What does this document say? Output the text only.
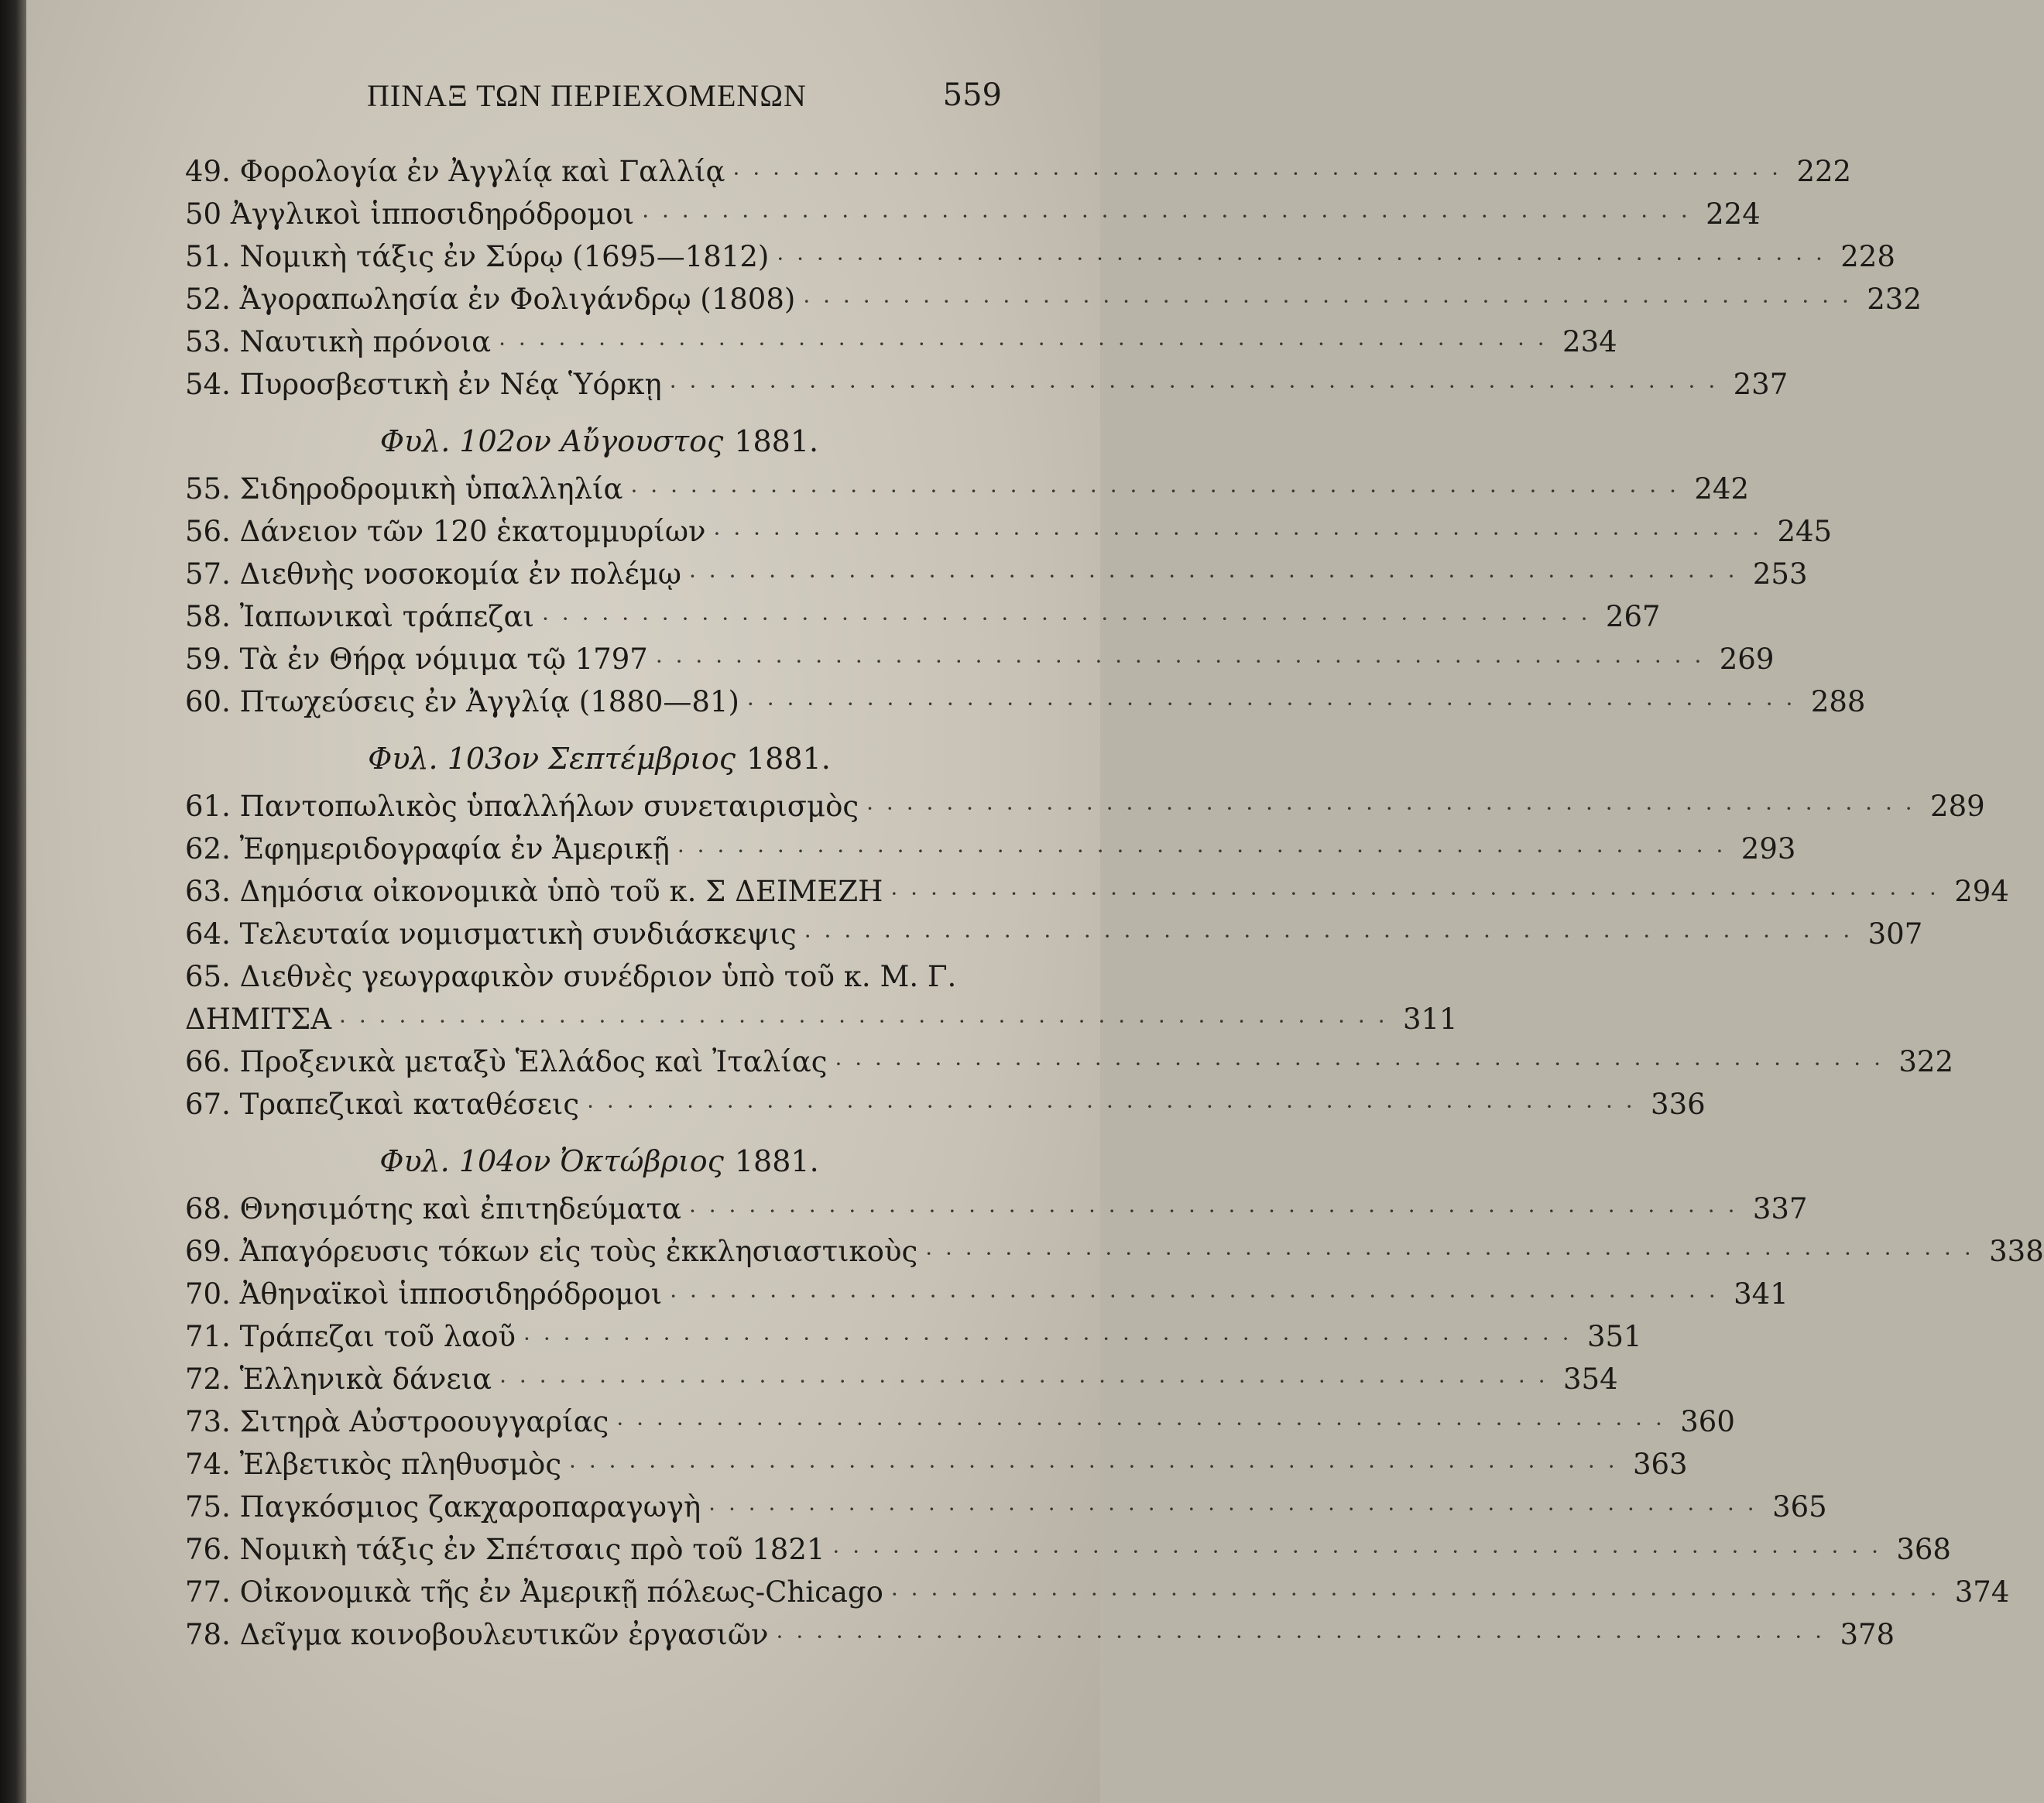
ΠΙΝΑΞ ΤΩΝ ΠΕΡΙΕΧΟΜΕΝΩΝ	559
49. Φορολογία ἐν Ἀγγλίᾳ καὶ Γαλλίᾳ · · · · · · · · · · · · · · · · · · · · · · · · · · · · · · · · · · · · · · · · · · · · · · · · · · · · · 222
50 Ἀγγλικοὶ ἱπποσιδηρόδρομοι · · · · · · · · · · · · · · · · · · · · · · · · · · · · · · · · · · · · · · · · · · · · · · · · · · · · · 224
51. Νομικὴ τάξις ἐν Σύρῳ (1695—1812) · · · · · · · · · · · · · · · · · · · · · · · · · · · · · · · · · · · · · · · · · · · · · · · · · · · · · 228
52. Ἀγοραπωλησία ἐν Φολιγάνδρῳ (1808) · · · · · · · · · · · · · · · · · · · · · · · · · · · · · · · · · · · · · · · · · · · · · · · · · · · · · 232
53. Ναυτικὴ πρόνοια · · · · · · · · · · · · · · · · · · · · · · · · · · · · · · · · · · · · · · · · · · · · · · · · · · · · · 234
54. Πυροσβεστικὴ ἐν Νέᾳ Ὑόρκῃ · · · · · · · · · · · · · · · · · · · · · · · · · · · · · · · · · · · · · · · · · · · · · · · · · · · · · 237
Φυλ. 102ον Αὔγουστος 1881.
55. Σιδηροδρομικὴ ὑπαλληλία · · · · · · · · · · · · · · · · · · · · · · · · · · · · · · · · · · · · · · · · · · · · · · · · · · · · · 242
56. Δάνειον τῶν 120 ἑκατομμυρίων · · · · · · · · · · · · · · · · · · · · · · · · · · · · · · · · · · · · · · · · · · · · · · · · · · · · · 245
57. Διεθνὴς νοσοκομία ἐν πολέμῳ · · · · · · · · · · · · · · · · · · · · · · · · · · · · · · · · · · · · · · · · · · · · · · · · · · · · · 253
58. Ἰαπωνικαὶ τράπεζαι · · · · · · · · · · · · · · · · · · · · · · · · · · · · · · · · · · · · · · · · · · · · · · · · · · · · · 267
59. Τὰ ἐν Θήρᾳ νόμιμα τῷ 1797 · · · · · · · · · · · · · · · · · · · · · · · · · · · · · · · · · · · · · · · · · · · · · · · · · · · · · 269
60. Πτωχεύσεις ἐν Ἀγγλίᾳ (1880—81) · · · · · · · · · · · · · · · · · · · · · · · · · · · · · · · · · · · · · · · · · · · · · · · · · · · · · 288
Φυλ. 103ον Σεπτέμβριος 1881.
61. Παντοπωλικὸς ὑπαλλήλων συνεταιρισμὸς · · · · · · · · · · · · · · · · · · · · · · · · · · · · · · · · · · · · · · · · · · · · · · · · · · · · · 289
62. Ἐφημεριδογραφία ἐν Ἀμερικῇ · · · · · · · · · · · · · · · · · · · · · · · · · · · · · · · · · · · · · · · · · · · · · · · · · · · · · 293
63. Δημόσια οἰκονομικὰ ὑπὸ τοῦ κ. Σ ΔΕΙΜΕΖΗ · · · · · · · · · · · · · · · · · · · · · · · · · · · · · · · · · · · · · · · · · · · · · · · · · · · · · 294
64. Τελευταία νομισματικὴ συνδιάσκεψις · · · · · · · · · · · · · · · · · · · · · · · · · · · · · · · · · · · · · · · · · · · · · · · · · · · · · 307
65. Διεθνὲς γεωγραφικὸν συνέδριον ὑπὸ τοῦ κ. Μ. Γ.
ΔΗΜΙΤΣΑ · · · · · · · · · · · · · · · · · · · · · · · · · · · · · · · · · · · · · · · · · · · · · · · · · · · · · 311
66. Προξενικὰ μεταξὺ Ἑλλάδος καὶ Ἰταλίας · · · · · · · · · · · · · · · · · · · · · · · · · · · · · · · · · · · · · · · · · · · · · · · · · · · · · 322
67. Τραπεζικαὶ καταθέσεις · · · · · · · · · · · · · · · · · · · · · · · · · · · · · · · · · · · · · · · · · · · · · · · · · · · · · 336
Φυλ. 104ον Ὀκτώβριος 1881.
68. Θνησιμότης καὶ ἐπιτηδεύματα · · · · · · · · · · · · · · · · · · · · · · · · · · · · · · · · · · · · · · · · · · · · · · · · · · · · · 337
69. Ἀπαγόρευσις τόκων εἰς τοὺς ἐκκλησιαστικοὺς · · · · · · · · · · · · · · · · · · · · · · · · · · · · · · · · · · · · · · · · · · · · · · · · · · · · · 338
70. Ἀθηναϊκοὶ ἱπποσιδηρόδρομοι · · · · · · · · · · · · · · · · · · · · · · · · · · · · · · · · · · · · · · · · · · · · · · · · · · · · · 341
71. Τράπεζαι τοῦ λαοῦ · · · · · · · · · · · · · · · · · · · · · · · · · · · · · · · · · · · · · · · · · · · · · · · · · · · · · 351
72. Ἑλληνικὰ δάνεια · · · · · · · · · · · · · · · · · · · · · · · · · · · · · · · · · · · · · · · · · · · · · · · · · · · · · 354
73. Σιτηρὰ Αὐστροουγγαρίας · · · · · · · · · · · · · · · · · · · · · · · · · · · · · · · · · · · · · · · · · · · · · · · · · · · · · 360
74. Ἐλβετικὸς πληθυσμὸς · · · · · · · · · · · · · · · · · · · · · · · · · · · · · · · · · · · · · · · · · · · · · · · · · · · · · 363
75. Παγκόσμιος ζακχαροπαραγωγὴ · · · · · · · · · · · · · · · · · · · · · · · · · · · · · · · · · · · · · · · · · · · · · · · · · · · · · 365
76. Νομικὴ τάξις ἐν Σπέτσαις πρὸ τοῦ 1821 · · · · · · · · · · · · · · · · · · · · · · · · · · · · · · · · · · · · · · · · · · · · · · · · · · · · · 368
77. Οἰκονομικὰ τῆς ἐν Ἀμερικῇ πόλεως-Chicago · · · · · · · · · · · · · · · · · · · · · · · · · · · · · · · · · · · · · · · · · · · · · · · · · · · · · 374
78. Δεῖγμα κοινοβουλευτικῶν ἐργασιῶν · · · · · · · · · · · · · · · · · · · · · · · · · · · · · · · · · · · · · · · · · · · · · · · · · · · · · 378
